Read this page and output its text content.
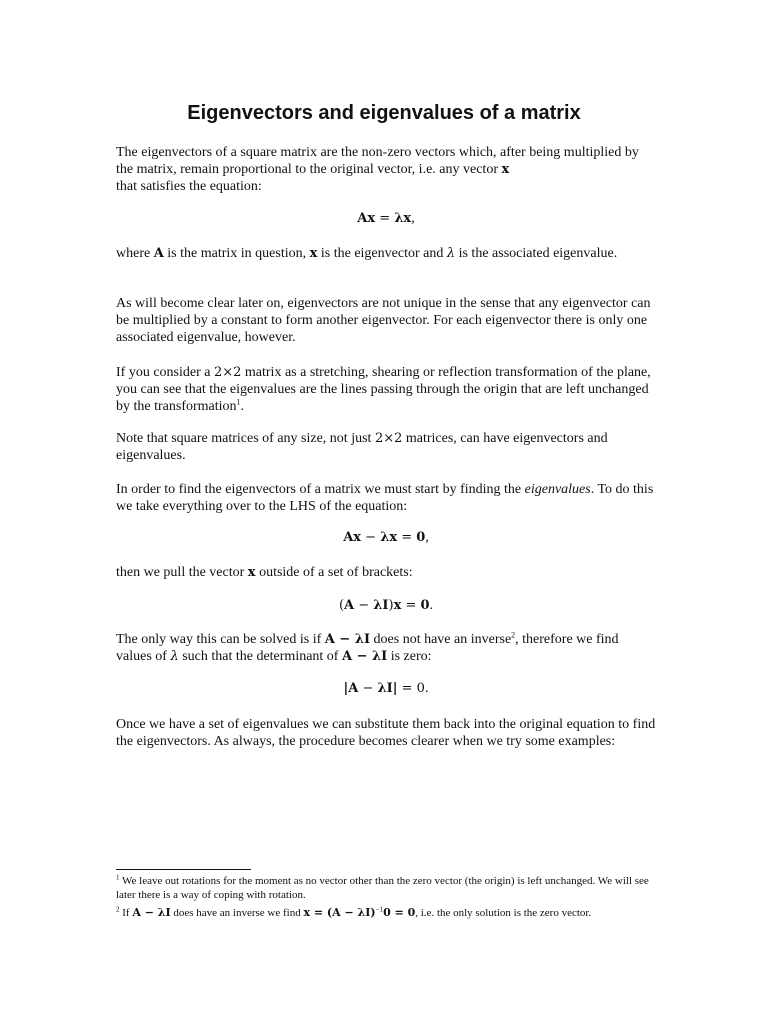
Eigenvectors and eigenvalues of a matrix
The eigenvectors of a square matrix are the non-zero vectors which, after being multiplied by the matrix, remain proportional to the original vector, i.e. any vector x
that satisfies the equation:
Ax = λx,
where A is the matrix in question, x is the eigenvector and λ is the associated eigenvalue.
As will become clear later on, eigenvectors are not unique in the sense that any eigenvector can be multiplied by a constant to form another eigenvector. For each eigenvector there is only one associated eigenvalue, however.
If you consider a 2×2 matrix as a stretching, shearing or reflection transformation of the plane, you can see that the eigenvalues are the lines passing through the origin that are left unchanged by the transformation$^1$.
Note that square matrices of any size, not just 2×2 matrices, can have eigenvectors and eigenvalues.
In order to find the eigenvectors of a matrix we must start by finding the eigenvalues. To do this we take everything over to the LHS of the equation:
Ax − λx = 0,
then we pull the vector x outside of a set of brackets:
(A − λI)x = 0.
The only way this can be solved is if A − λI does not have an inverse$^2$, therefore we find values of λ such that the determinant of A − λI is zero:
|A − λI| = 0.
Once we have a set of eigenvalues we can substitute them back into the original equation to find the eigenvectors. As always, the procedure becomes clearer when we try some examples:
$^1$ We leave out rotations for the moment as no vector other than the zero vector (the origin) is left unchanged. We will see later there is a way of coping with rotation.
$^2$ If A − λI does have an inverse we find $x = (A - \lambda I)^{-1}0 = 0$, i.e. the only solution is the zero vector.
